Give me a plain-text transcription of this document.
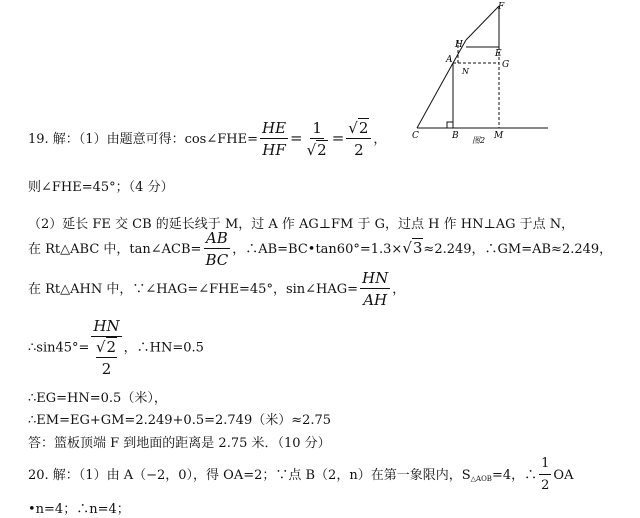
F
H
E
A
N
G
C	B	M
图2
19. 解：（1）由题意可得：cos∠FHE= $\frac{HE}{HF} = \frac{1}{√2} = \frac{√2}{2}$ ，
则∠FHE=45°；（4 分）
（2）延长 FE 交 CB 的延长线于 M，过 A 作 AG⊥FM 于 G，过点 H 作 HN⊥AG 于点 N，
在 Rt△ABC 中，tan∠ACB= $\frac{AB}{BC}$ ，∴AB=BC•tan60°=1.3×√3≈2.249，∴GM=AB≈2.249，
在 Rt△AHN 中，∵∠HAG=∠FHE=45°，sin∠HAG= $\frac{HN}{AH}$ ，
∴sin45°= HN
√2
2 ，∴HN=0.5
∴EG=HN=0.5（米），
∴EM=EG+GM=2.249+0.5=2.749（米）≈2.75
答：篮板顶端 F 到地面的距离是 2.75 米．（10 分）
20. 解：（1）由 A（−2，0），得 OA=2；∵点 B（2，n）在第一象限内，$S_{\triangle AOB}=4$，∴ $\frac{1}{2}$ OA
•n=4；∴n=4；
